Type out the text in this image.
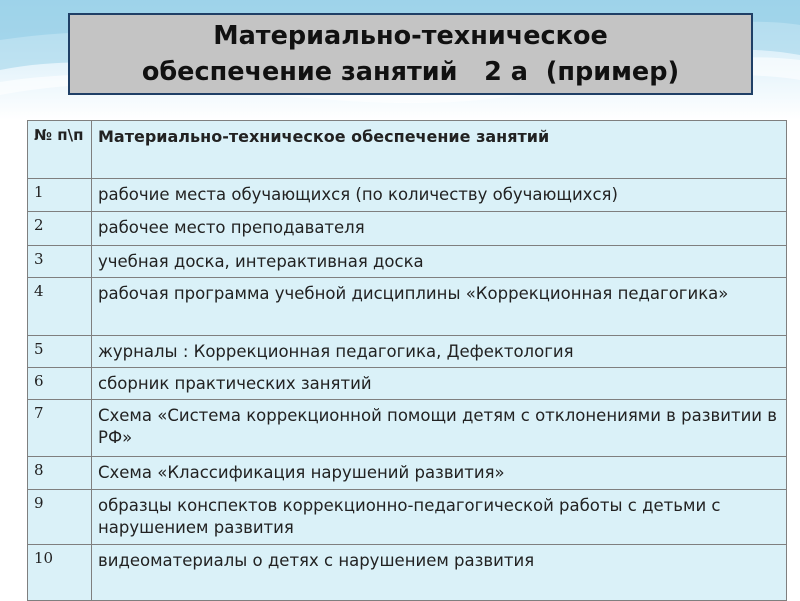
Материально-техническое
обеспечение занятий   2 а  (пример)
№ п\п	Материально-техническое обеспечение занятий
1	рабочие места обучающихся (по количеству обучающихся)
2	рабочее место преподавателя
3	учебная доска, интерактивная доска
4	рабочая программа учебной дисциплины «Коррекционная педагогика»
5	журналы : Коррекционная педагогика, Дефектология
6	сборник практических занятий
7	Схема «Система коррекционной помощи детям с отклонениями в развитии в РФ»
8	Схема «Классификация нарушений развития»
9	образцы конспектов коррекционно-педагогической работы с детьми с нарушением развития
10	видеоматериалы о детях с нарушением развития
